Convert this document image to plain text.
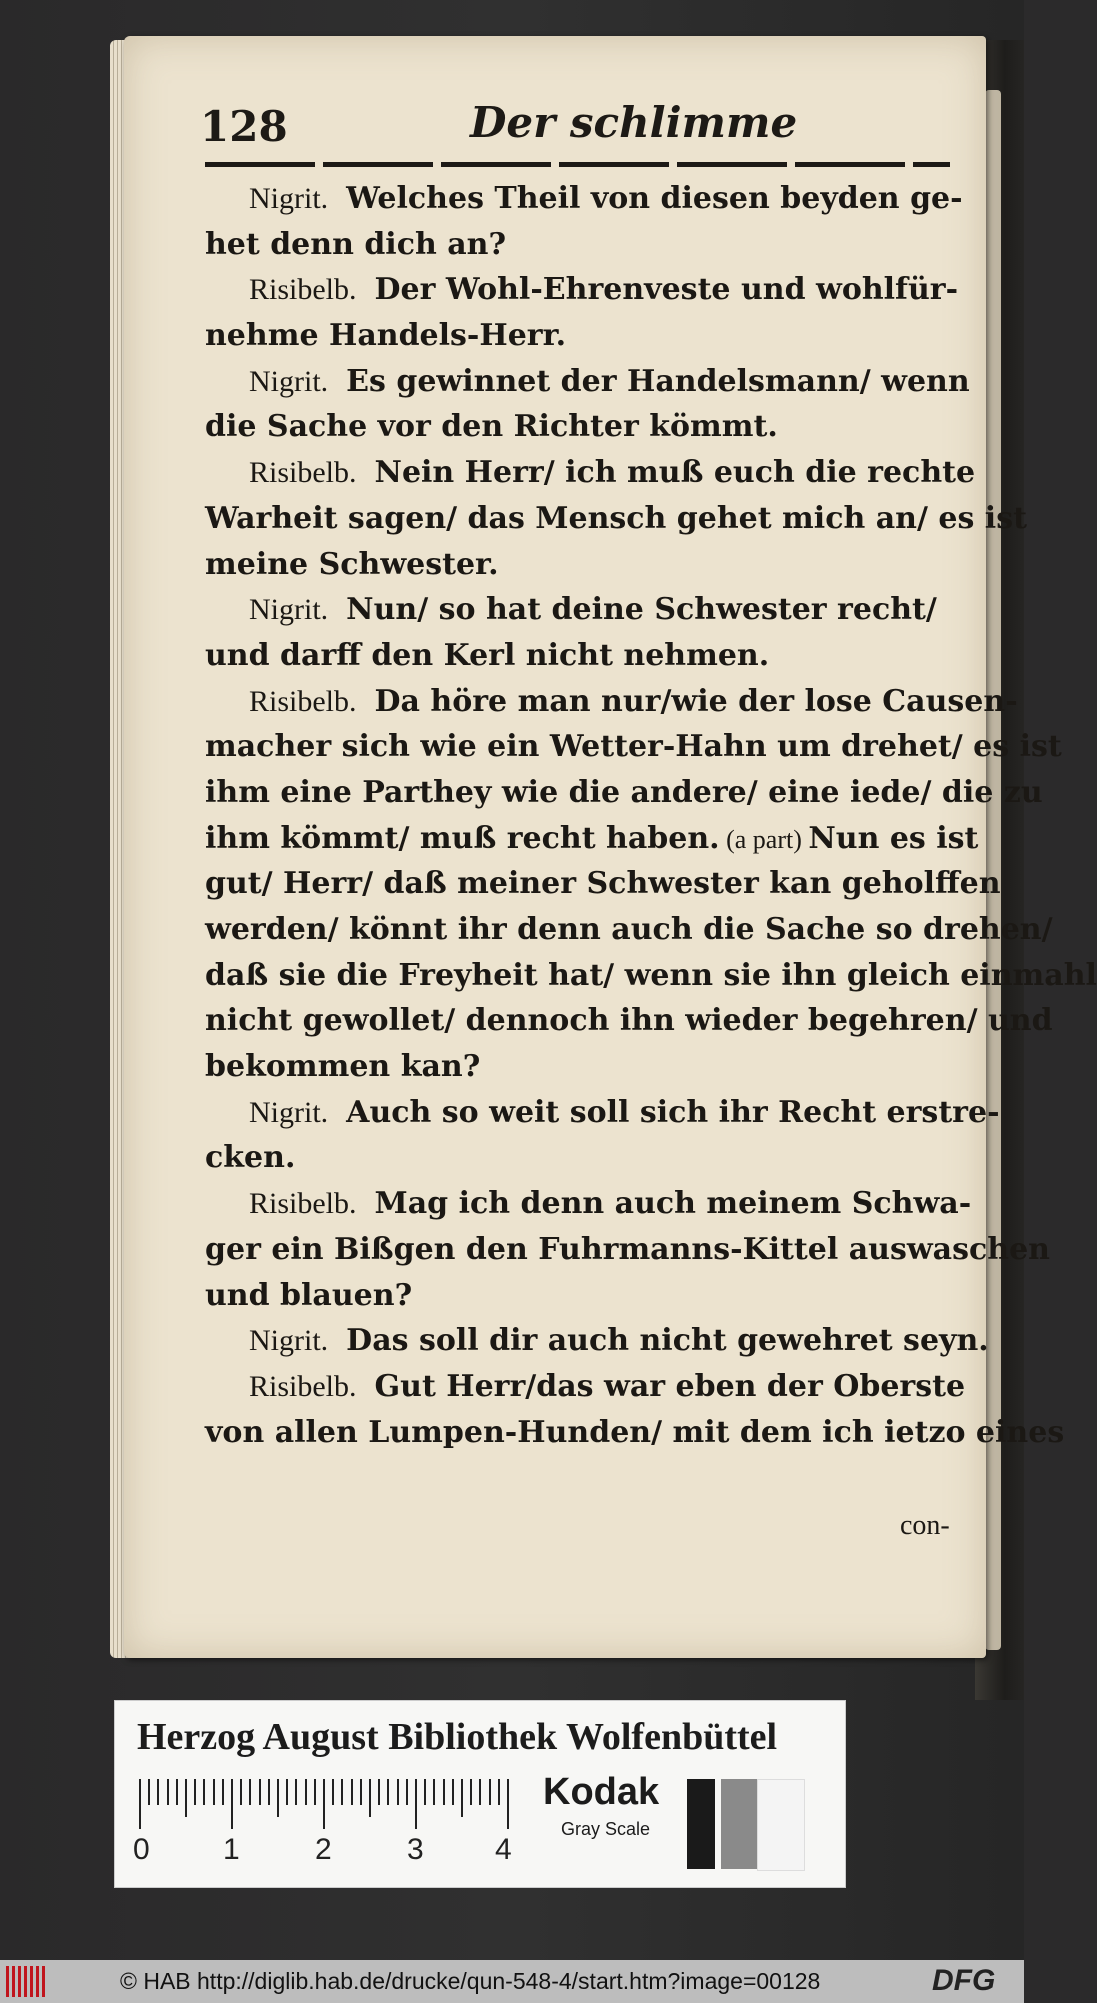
128	Der schlimme
Nigrit. Welches Theil von diesen beyden ge-
het denn dich an?
Risibelb. Der Wohl-Ehrenveste und wohlfür-
nehme Handels-Herr.
Nigrit. Es gewinnet der Handelsmann/ wenn
die Sache vor den Richter kömmt.
Risibelb. Nein Herr/ ich muß euch die rechte
Warheit sagen/ das Mensch gehet mich an/ es ist
meine Schwester.
Nigrit. Nun/ so hat deine Schwester recht/
und darff den Kerl nicht nehmen.
Risibelb. Da höre man nur/wie der lose Causen-
macher sich wie ein Wetter-Hahn um drehet/ es ist
ihm eine Parthey wie die andere/ eine iede/ die zu
ihm kömmt/ muß recht haben. (a part) Nun es ist
gut/ Herr/ daß meiner Schwester kan geholffen
werden/ könnt ihr denn auch die Sache so drehen/
daß sie die Freyheit hat/ wenn sie ihn gleich einmahl
nicht gewollet/ dennoch ihn wieder begehren/ und
bekommen kan?
Nigrit. Auch so weit soll sich ihr Recht erstre-
cken.
Risibelb. Mag ich denn auch meinem Schwa-
ger ein Bißgen den Fuhrmanns-Kittel auswaschen
und blauen?
Nigrit. Das soll dir auch nicht gewehret seyn.
Risibelb. Gut Herr/das war eben der Oberste
von allen Lumpen-Hunden/ mit dem ich ietzo eines
con-
Herzog August Bibliothek Wolfenbüttel
0 1	2	3 4
Kodak
Gray Scale
© HAB http://diglib.hab.de/drucke/qun-548-4/start.htm?image=00128	DFG
